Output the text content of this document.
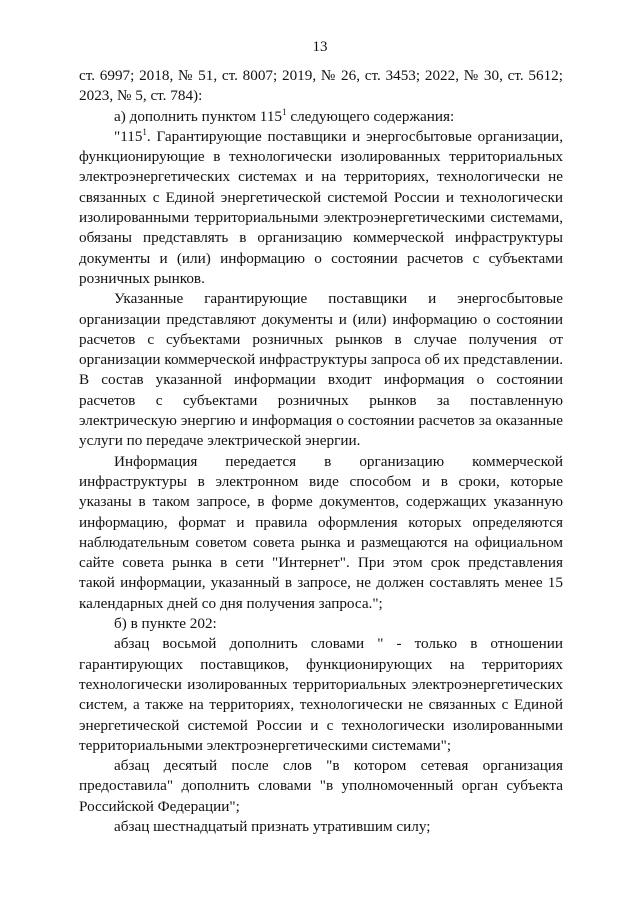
13

ст. 6997; 2018, № 51, ст. 8007; 2019, № 26, ст. 3453; 2022, № 30, ст. 5612; 2023, № 5, ст. 784):

а) дополнить пунктом $115^1$ следующего содержания:

"$115^1$. Гарантирующие поставщики и энергосбытовые организации, функционирующие в технологически изолированных территориальных электроэнергетических системах и на территориях, технологически не связанных с Единой энергетической системой России и технологически изолированными территориальными электроэнергетическими системами, обязаны представлять в организацию коммерческой инфраструктуры документы и (или) информацию о состоянии расчетов с субъектами розничных рынков.

Указанные гарантирующие поставщики и энергосбытовые организации представляют документы и (или) информацию о состоянии расчетов с субъектами розничных рынков в случае получения от организации коммерческой инфраструктуры запроса об их представлении. В состав указанной информации входит информация о состоянии расчетов с субъектами розничных рынков за поставленную электрическую энергию и информация о состоянии расчетов за оказанные услуги по передаче электрической энергии.

Информация передается в организацию коммерческой инфраструктуры в электронном виде способом и в сроки, которые указаны в таком запросе, в форме документов, содержащих указанную информацию, формат и правила оформления которых определяются наблюдательным советом совета рынка и размещаются на официальном сайте совета рынка в сети "Интернет". При этом срок представления такой информации, указанный в запросе, не должен составлять менее 15 календарных дней со дня получения запроса.";

б) в пункте 202:

абзац восьмой дополнить словами " - только в отношении гарантирующих поставщиков, функционирующих на территориях технологически изолированных территориальных электроэнергетических систем, а также на территориях, технологически не связанных с Единой энергетической системой России и с технологически изолированными территориальными электроэнергетическими системами";

абзац десятый после слов "в котором сетевая организация предоставила" дополнить словами "в уполномоченный орган субъекта Российской Федерации";

абзац шестнадцатый признать утратившим силу;
